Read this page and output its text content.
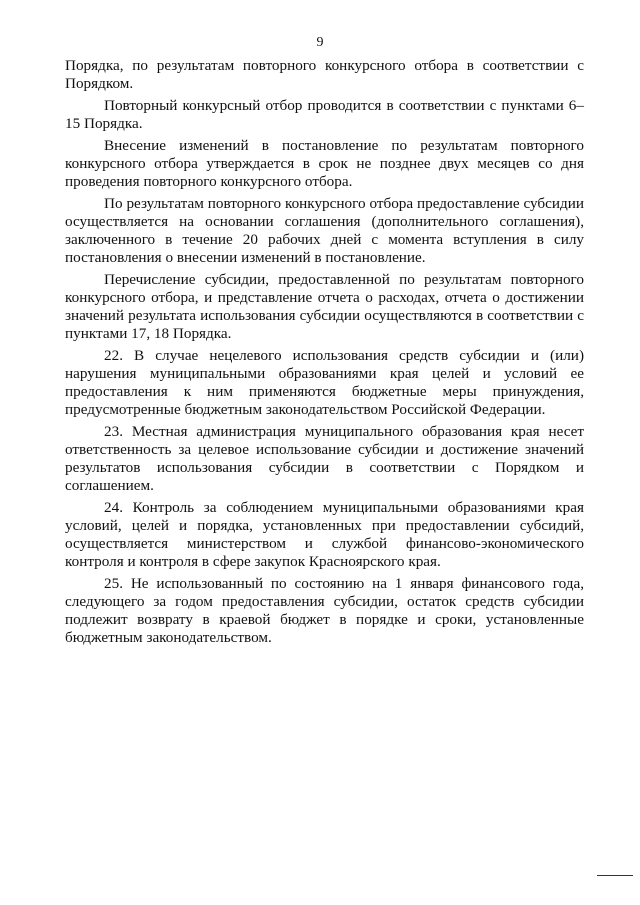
9

Порядка, по результатам повторного конкурсного отбора в соответствии с Порядком.

Повторный конкурсный отбор проводится в соответствии с пунктами 6–15 Порядка.

Внесение изменений в постановление по результатам повторного конкурсного отбора утверждается в срок не позднее двух месяцев со дня проведения повторного конкурсного отбора.

По результатам повторного конкурсного отбора предоставление субсидии осуществляется на основании соглашения (дополнительного соглашения), заключенного в течение 20 рабочих дней с момента вступления в силу постановления о внесении изменений в постановление.

Перечисление субсидии, предоставленной по результатам повторного конкурсного отбора, и представление отчета о расходах, отчета о достижении значений результата использования субсидии осуществляются в соответствии с пунктами 17, 18 Порядка.

22. В случае нецелевого использования средств субсидии и (или) нарушения муниципальными образованиями края целей и условий ее предоставления к ним применяются бюджетные меры принуждения, предусмотренные бюджетным законодательством Российской Федерации.

23. Местная администрация муниципального образования края несет ответственность за целевое использование субсидии и достижение значений результатов использования субсидии в соответствии с Порядком и соглашением.

24. Контроль за соблюдением муниципальными образованиями края условий, целей и порядка, установленных при предоставлении субсидий, осуществляется министерством и службой финансово-экономического контроля и контроля в сфере закупок Красноярского края.

25. Не использованный по состоянию на 1 января финансового года, следующего за годом предоставления субсидии, остаток средств субсидии подлежит возврату в краевой бюджет в порядке и сроки, установленные бюджетным законодательством.
